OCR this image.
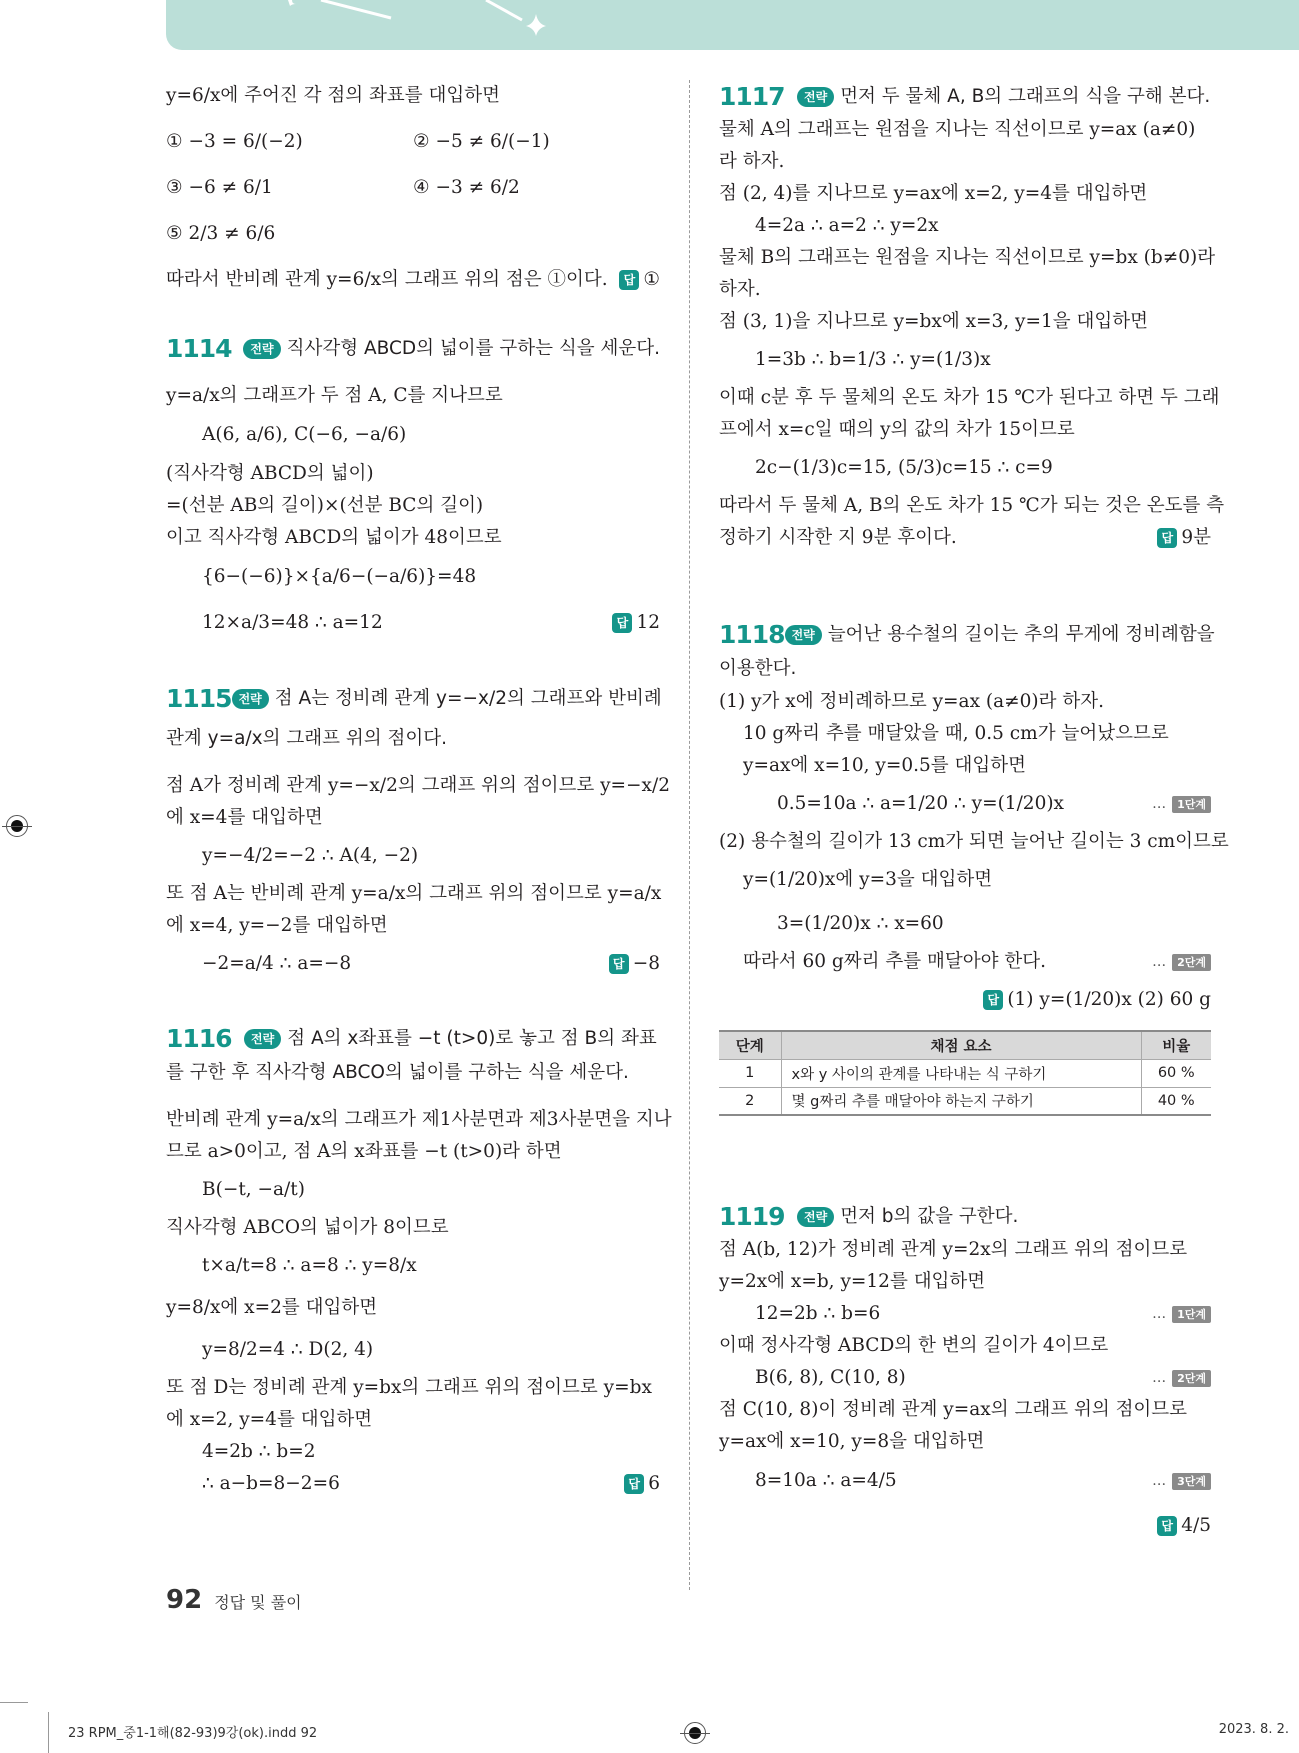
y=6/x에 주어진 각 점의 좌표를 대입하면
① −3 = 6/(−2)	② −5 ≠ 6/(−1)
③ −6 ≠ 6/1	④ −3 ≠ 6/2
⑤ 2/3 ≠ 6/6
따라서 반비례 관계 y=6/x의 그래프 위의 점은 ①이다.	답 ①
1114	전략 직사각형 ABCD의 넓이를 구하는 식을 세운다.
y=a/x의 그래프가 두 점 A, C를 지나므로
A(6, a/6), C(−6, −a/6)
(직사각형 ABCD의 넓이)
=(선분 AB의 길이)×(선분 BC의 길이)
이고 직사각형 ABCD의 넓이가 48이므로
{6−(−6)}×{a/6−(−a/6)}=48
12×a/3=48 ∴ a=12	답 12
1115 전략 점 A는 정비례 관계 y=−x/2의 그래프와 반비례
관계 y=a/x의 그래프 위의 점이다.
점 A가 정비례 관계 y=−x/2의 그래프 위의 점이므로 y=−x/2
에 x=4를 대입하면
y=−4/2=−2 ∴ A(4, −2)
또 점 A는 반비례 관계 y=a/x의 그래프 위의 점이므로 y=a/x
에 x=4, y=−2를 대입하면
−2=a/4 ∴ a=−8	답 −8
1116	전략 점 A의 x좌표를 −t (t>0)로 놓고 점 B의 좌표
를 구한 후 직사각형 ABCO의 넓이를 구하는 식을 세운다.
반비례 관계 y=a/x의 그래프가 제1사분면과 제3사분면을 지나
므로 a>0이고, 점 A의 x좌표를 −t (t>0)라 하면
B(−t, −a/t)
직사각형 ABCO의 넓이가 8이므로
t×a/t=8 ∴ a=8 ∴ y=8/x
y=8/x에 x=2를 대입하면
y=8/2=4 ∴ D(2, 4)
또 점 D는 정비례 관계 y=bx의 그래프 위의 점이므로 y=bx
에 x=2, y=4를 대입하면
4=2b ∴ b=2
∴ a−b=8−2=6	답 6
1117	전략 먼저 두 물체 A, B의 그래프의 식을 구해 본다.
물체 A의 그래프는 원점을 지나는 직선이므로 y=ax (a≠0)
라 하자.
점 (2, 4)를 지나므로 y=ax에 x=2, y=4를 대입하면
4=2a ∴ a=2 ∴ y=2x
물체 B의 그래프는 원점을 지나는 직선이므로 y=bx (b≠0)라
하자.
점 (3, 1)을 지나므로 y=bx에 x=3, y=1을 대입하면
1=3b ∴ b=1/3 ∴ y=(1/3)x
이때 c분 후 두 물체의 온도 차가 15 ℃가 된다고 하면 두 그래
프에서 x=c일 때의 y의 값의 차가 15이므로
2c−(1/3)c=15, (5/3)c=15 ∴ c=9
따라서 두 물체 A, B의 온도 차가 15 ℃가 되는 것은 온도를 측
정하기 시작한 지 9분 후이다.	답 9분
1118 전략 늘어난 용수철의 길이는 추의 무게에 정비례함을
이용한다.
(1) y가 x에 정비례하므로 y=ax (a≠0)라 하자.
10 g짜리 추를 매달았을 때, 0.5 cm가 늘어났으므로
y=ax에 x=10, y=0.5를 대입하면
0.5=10a ∴ a=1/20 ∴ y=(1/20)x	… 1단계
(2) 용수철의 길이가 13 cm가 되면 늘어난 길이는 3 cm이므로
y=(1/20)x에 y=3을 대입하면
3=(1/20)x ∴ x=60
따라서 60 g짜리 추를 매달아야 한다.	… 2단계
답 (1) y=(1/20)x (2) 60 g
단계	채점 요소	비율
1	x와 y 사이의 관계를 나타내는 식 구하기	60 %
2	몇 g짜리 추를 매달아야 하는지 구하기	40 %
1119	전략 먼저 b의 값을 구한다.
점 A(b, 12)가 정비례 관계 y=2x의 그래프 위의 점이므로
y=2x에 x=b, y=12를 대입하면
12=2b ∴ b=6	… 1단계
이때 정사각형 ABCD의 한 변의 길이가 4이므로
B(6, 8), C(10, 8)	… 2단계
점 C(10, 8)이 정비례 관계 y=ax의 그래프 위의 점이므로
y=ax에 x=10, y=8을 대입하면
8=10a ∴ a=4/5	… 3단계
답 4/5
92 정답 및 풀이
23 RPM_중1-1해(82-93)9강(ok).indd 92	2023. 8. 2.
